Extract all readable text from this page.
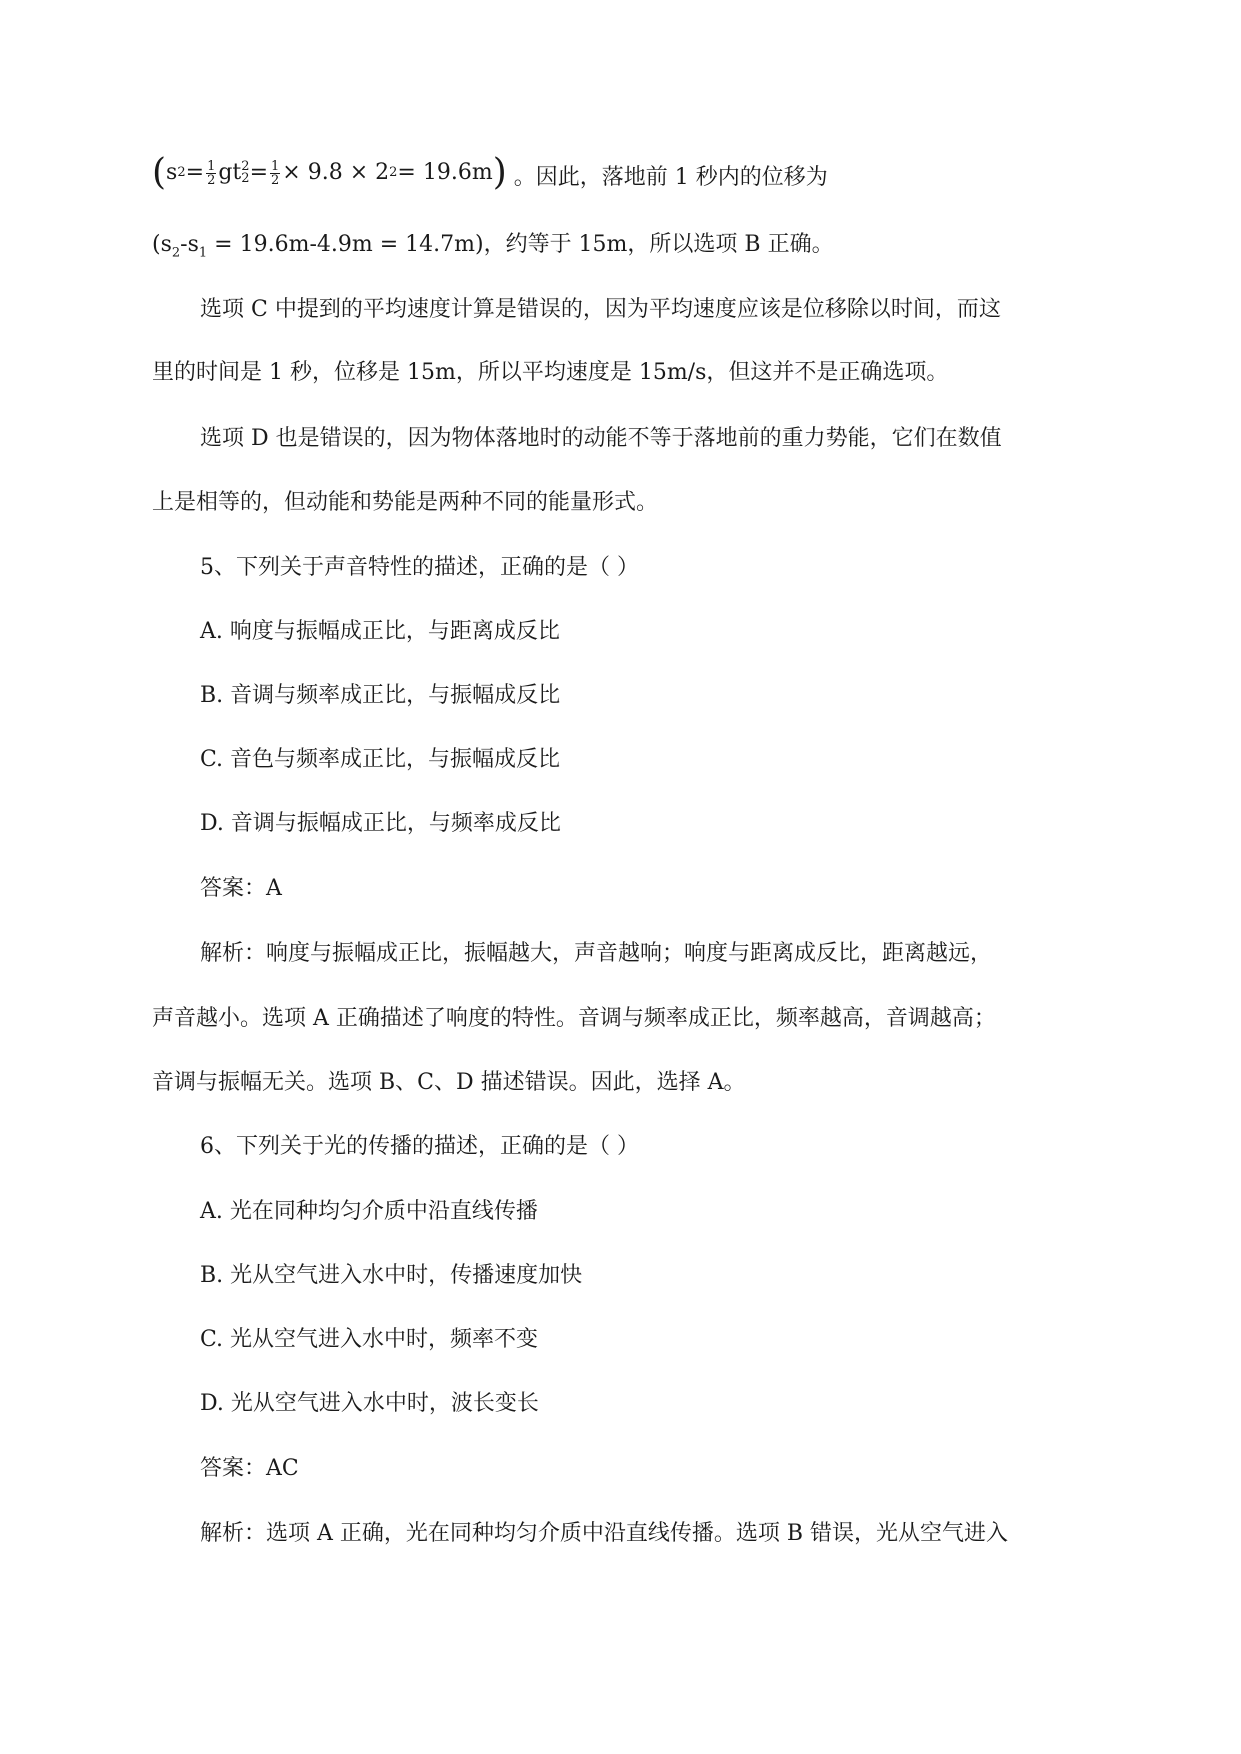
( s $2 = \frac{1}{2}$ gt 2
$2 = \frac{1}{2} \times 9.8 \times 2$ 2 = 19.6m ) 。因此，落地前 1 秒内的位移为
$(s_2-s_1 = 19.6m-4.9m = 14.7m)$，约等于 15m，所以选项 B 正确。
选项 C 中提到的平均速度计算是错误的，因为平均速度应该是位移除以时间，而这
里的时间是 1 秒，位移是 15m，所以平均速度是 15m/s，但这并不是正确选项。
选项 D 也是错误的，因为物体落地时的动能不等于落地前的重力势能，它们在数值
上是相等的，但动能和势能是两种不同的能量形式。
5、下列关于声音特性的描述，正确的是（ ）
A. 响度与振幅成正比，与距离成反比
B. 音调与频率成正比，与振幅成反比
C. 音色与频率成正比，与振幅成反比
D. 音调与振幅成正比，与频率成反比
答案：A
解析：响度与振幅成正比，振幅越大，声音越响；响度与距离成反比，距离越远，
声音越小。选项 A 正确描述了响度的特性。音调与频率成正比，频率越高，音调越高；
音调与振幅无关。选项 B、C、D 描述错误。因此，选择 A。
6、下列关于光的传播的描述，正确的是（ ）
A. 光在同种均匀介质中沿直线传播
B. 光从空气进入水中时，传播速度加快
C. 光从空气进入水中时，频率不变
D. 光从空气进入水中时，波长变长
答案：AC
解析：选项 A 正确，光在同种均匀介质中沿直线传播。选项 B 错误，光从空气进入
